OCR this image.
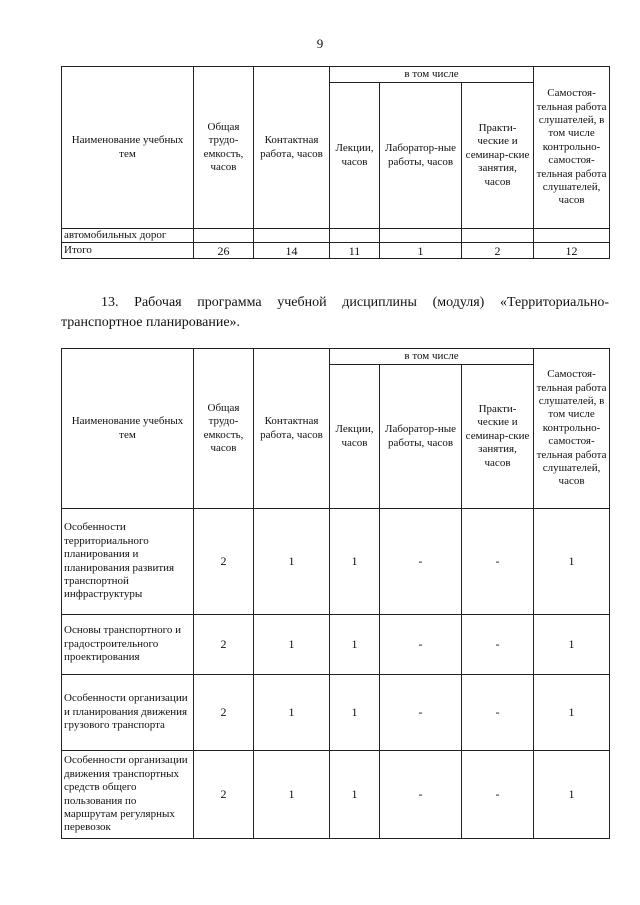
9
Наименование учебных тем	Общая трудо-емкость, часов	Контактная работа, часов	в том числе			Самостоя-тельная работа слушателей, в том числе контрольно-самостоя-тельная работа слушателей, часов
			Лекции, часов	Лаборатор-ные работы, часов	Практи-ческие и семинар-ские занятия, часов	
автомобильных дорог						
Итого	26	14	11	1	2	12
13. Рабочая программа учебной дисциплины (модуля) «Территориально-
транспортное планирование».
Наименование учебных тем	Общая трудо-емкость, часов	Контактная работа, часов	в том числе			Самостоя-тельная работа слушателей, в том числе контрольно-самостоя-тельная работа слушателей, часов
			Лекции, часов	Лаборатор-ные работы, часов	Практи-ческие и семинар-ские занятия, часов	
Особенности территориального планирования и планирования развития транспортной инфраструктуры	2	1	1	-	-	1
Основы транспортного и градостроительного проектирования	2	1	1	-	-	1
Особенности организации и планирования движения грузового транспорта	2	1	1	-	-	1
Особенности организации движения транспортных средств общего пользования по маршрутам регулярных перевозок	2	1	1	-	-	1
